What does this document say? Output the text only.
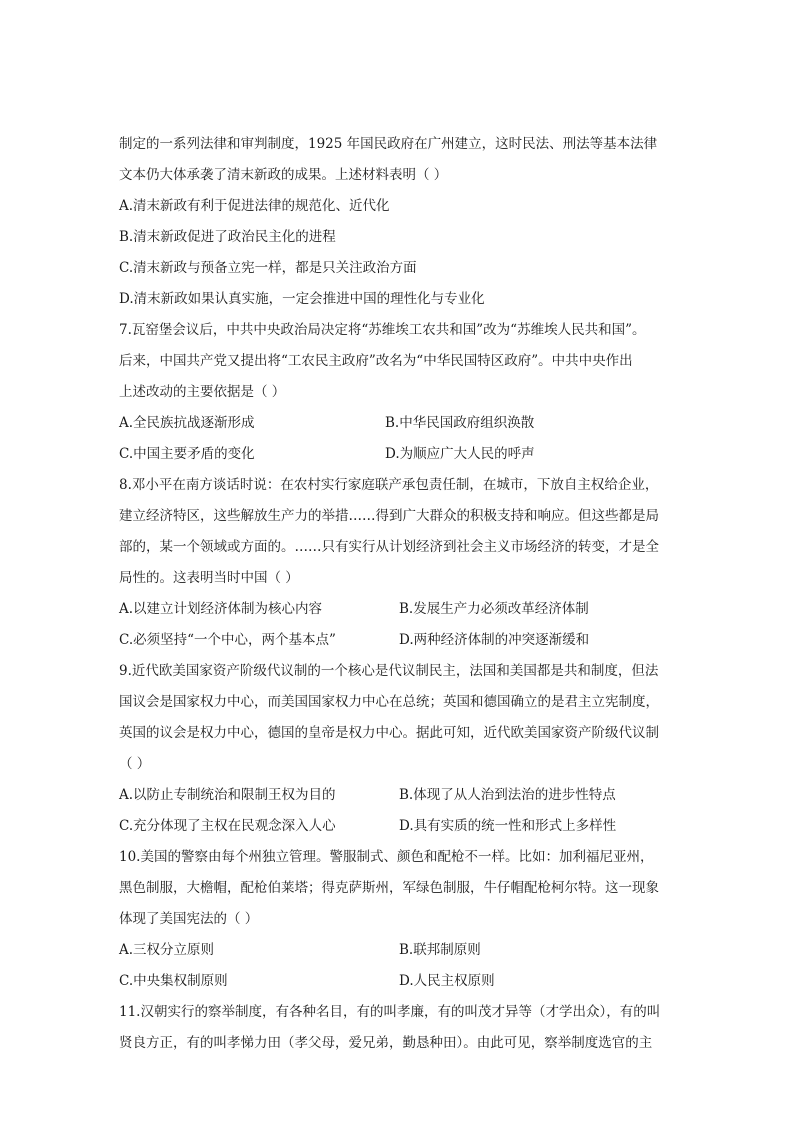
制定的一系列法律和审判制度，1925 年国民政府在广州建立，这时民法、刑法等基本法律
文本仍大体承袭了清末新政的成果。上述材料表明（ ）
A.清末新政有利于促进法律的规范化、近代化
B.清末新政促进了政治民主化的进程
C.清末新政与预备立宪一样，都是只关注政治方面
D.清末新政如果认真实施，一定会推进中国的理性化与专业化
7.瓦窑堡会议后，中共中央政治局决定将“苏维埃工农共和国”改为“苏维埃人民共和国”。
后来，中国共产党又提出将“工农民主政府”改名为“中华民国特区政府”。中共中央作出
上述改动的主要依据是（ ）
A.全民族抗战逐渐形成	B.中华民国政府组织涣散
C.中国主要矛盾的变化	D.为顺应广大人民的呼声
8.邓小平在南方谈话时说：在农村实行家庭联产承包责任制，在城市，下放自主权给企业，
建立经济特区，这些解放生产力的举措……得到广大群众的积极支持和响应。但这些都是局
部的，某一个领域或方面的。……只有实行从计划经济到社会主义市场经济的转变，才是全
局性的。这表明当时中国（ ）
A.以建立计划经济体制为核心内容	B.发展生产力必须改革经济体制
C.必须坚持“一个中心，两个基本点”	D.两种经济体制的冲突逐渐缓和
9.近代欧美国家资产阶级代议制的一个核心是代议制民主，法国和美国都是共和制度，但法
国议会是国家权力中心，而美国国家权力中心在总统；英国和德国确立的是君主立宪制度，
英国的议会是权力中心，德国的皇帝是权力中心。据此可知，近代欧美国家资产阶级代议制
（ ）
A.以防止专制统治和限制王权为目的	B.体现了从人治到法治的进步性特点
C.充分体现了主权在民观念深入人心	D.具有实质的统一性和形式上多样性
10.美国的警察由每个州独立管理。警服制式、颜色和配枪不一样。比如：加利福尼亚州，
黑色制服，大檐帽，配枪伯莱塔；得克萨斯州，军绿色制服，牛仔帽配枪柯尔特。这一现象
体现了美国宪法的（ ）
A.三权分立原则	B.联邦制原则
C.中央集权制原则	D.人民主权原则
11.汉朝实行的察举制度，有各种名目，有的叫孝廉，有的叫茂才异等（才学出众），有的叫
贤良方正，有的叫孝悌力田（孝父母，爱兄弟，勤恳种田）。由此可见，察举制度选官的主
